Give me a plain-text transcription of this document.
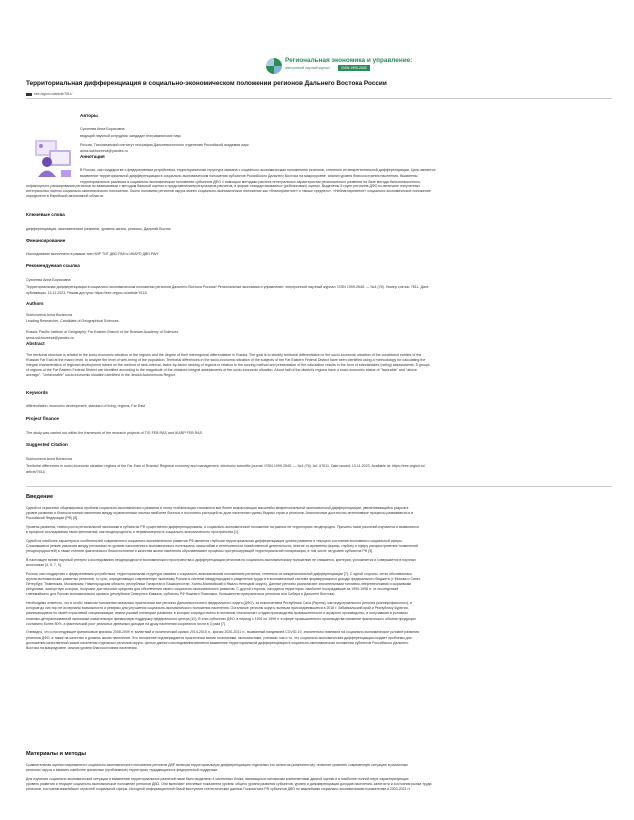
Региональная экономика и управление:
электронный научный журнал	ISSN 1999-2645
Территориальная дифференциация в социально-экономическом положении регионов Дальнего Востока России
eee-region.ru/article/7611/
Авторы
Сухоеева Анна Борисовна
ведущий научный сотрудник, кандидат географических наук
Россия, Тихоокеанский институт географии Дальневосточного отделения Российской академии наук
anna-sukhoveeva@yandex.ru
Аннотация
В России, как государстве с федеративным устройством, территориальная структура связана с социально-экономическим положением регионов, степенью их межрегиональной дифференциации. Цель является
выявление территориальной дифференциации в социально-экономическом положении субъектов Российского Дальнего Востока на макроуровне, анализ уровня благосостояния населения. Выявлены
территориальные различия в социально-экономическом положении субъектов ДФО с помощью методики расчета интегральных характеристик регионального развития на базе метода бальнотаксонного,
пофакторного ранжирования регионов по взаимосвязи с методом бальной оценки и представлением результатов расчетов, в форме стандартизованных (рейтинговых) оценок. Выделены 5 групп регионов ДФО по величине полученных
интегральных оценок социально-экономического положения. Около половины регионов округа имеют социально-экономическое положение как «благоприятное» и «выше среднего». «Неблагоприятное» социально-экономическое положение
определено в Еврейской автономной области.
Ключевые слова
дифференциация, экономическое развитие, уровень жизни, регионы, Дальний Восток
Финансирование
Исследование выполнено в рамках тем НИР ТИГ ДВО РАН и ИКАРП ДВО РАН
Рекомендуемая ссылка
Сухоеева Анна Борисовна
Территориальная дифференциация в социально-экономическом положении регионов Дальнего Востока России// Региональная экономика и управление: электронный научный журнал. ISSN 1999-2645. — №4 (76). Номер статьи: 7611. Дата
публикации: 13.11.2023. Режим доступа: https://eee-region.ru/article/7611/
Authors
Sukhoveeva Anna Borisovna
Leading Researcher, Candidate of Geographical Sciences
Russia, Pacific Institute of Geography, Far Eastern Branch of the Russian Academy of Sciences
anna-sukhoveeva@yandex.ru
Abstract
The territorial structure is related to the socio-economic situation of the regions and the degree of their interregional differentiation in Russia. The goal is to identify territorial differentiation in the socio-economic situation of the constituent entities of the
Russian Far East at the macro level, to analyze the level of well-being of the population. Territorial differences in the socio-economic situation of the subjects of the Far Eastern Federal District have been identified using a methodology for calculating the
integral characteristics of regional development based on the method of rank-interval, factor-by-factor ranking of regions in relation to the scoring method and presentation of the calculation results in the form of standardized (rating) assessments. 5 groups
of regions of the Far Eastern Federal District are identified according to the magnitude of the obtained integral assessments of the socio-economic situation. About half of the district's regions have a socio-economic status of "favorable" and "above
average". "Unfavorable" socio-economic situation identified in the Jewish Autonomous Region.
Keywords
differentiation, economic development, standard of living, regions, Far East
Project finance
The study was carried out within the framework of the research projects of TIG FEB RAS and IKARP FEB RAS
Suggested Citation
Sukhoveeva Anna Borisovna
Territorial differences in socio-economic situation regions of the Far East of Russia// Regional economy and management: electronic scientific journal. ISSN 1999-2645. — №4 (76). Art. #7611. Date issued: 13.11.2023. Available at: https://eee-region.ru/
article/7611/
Введение
Одной из серьезных общемировых проблем социально-экономического развития в эпоху глобализации становится все более возрастающая масштабы межрегиональной экономической дифференциации, увеличивающийся разрыв в
уровне развития и благосостоянии населения между ограниченным числом наиболее богатых и постоянно растущей по доле населения группы бедных стран и регионов. Аналогичные достаточно интенсивные процессы развиваются и в
Российской Федерации (РФ) [8].
Уровень развития, темпы роста региональной экономики в субъектах РФ существенно дифференцированы, а социально-экономическое положение на разных ее территориях неоднородно. Причины таких различий изучаются и выявляются
в процессе исследования таких феноменов, как неоднородность и неравномерность социально-экономического пространства [1].
Одной из наиболее характерных особенностей современного социально-экономического развития РФ является глубокая территориальная дифференциация уровня развития и текущего состояния экономики и социальной сферы.
Сложившиеся резкие различия между регионами по уровню накопленного экономического потенциала, масштабам и интенсивности хозяйственной деятельности, многое со временем формы, глубину и сферу распространения «изменений
(неоднородностей) в также степени фактического благосостояния и качества жизни населения обуславливают процессы прогрессирующей территориальной поляризации, в том числе на уровне субъектов РФ [5].
В настоящее время научный интерес к исследованию неоднородности экономического пространства и дифференциации регионов по социально-экономическому положению не снижается, критерии, усложняется и совершается в научных
источниках [4, 5, 7, 9].
Россия, как государство с федеративным устройством, территориальная структура связана с социально-экономическим положением регионов, степенью их межрегиональной дифференциации [7]. С одной стороны, четко обозначилась
группа экономических развитых регионов, то сути, определяющих современную экономику России в системе международного разделения труда и в экономический системе формирующихся доходы федерального бюджета (г. Москва и Санкт-
Петербург, Тюменская, Московская, Нижегородская области, республики Татарстан и Башкортостан, Ханты-Мансийский и Ямало-Ненецкий округа). Данные регионы располагают значительными топливно-энергетическими и сырьевыми
ресурсами, экспортную которых, получают достаточные средства для обеспечения своего социально-экономического развития. С другой стороны, находится территории, наиболее пострадавшие за 1990-1998 гг. от последствий
тленивайшего для России экономического кризиса (республики Северного Кавказа, субъекты РФ Нижнего Поволжья, большинство приграничных регионов юга Сибири и Дальнего Востока).
Необходимо отметить, что в особо тяжелом положении оказались практически все регионы Дальневосточного федерального округа (ДФО), за исключением Республики Саха (Якутия), как индустриального региона (монопрофильного), в
котором до сих пор не исчерпаны возможности и резервы для улучшения социально-экономического положения населения. Остальные регионы округа, включая присоединившиеся в 2018 г. Забайкальский край и Республику Бурятия,
различающиеся по своей отраслевой специализации, имели разный потенциал развития, в которых сосредоточены в основном «начальное» стадии производства промышленности и аграрное производство, и получавшие в условиях
планово-централизованной экономики значительную финансовую поддержку федерального центра [10]. В этих субъектах ДФО, в период с 1991 по 1999 гг в сфере промышленного производства снижение фактического объема продукции
составило более 50%, а фактический рост реальных денежных доходов на душу населения сократился почти в 3 раза [7].
Очевидно, что и последующие финансовые кризисы 2008-2009 гг. валютный и политический кризис 2014-2015 гг., кризис 2020-2021 гг., вызванный пандемией COVID-19, значительно повлияли на социально-экономическое условие развития
регионов ДФО, а также на качество и уровень жизни населения. Это положение подтверждается практически всеми политиками, экономистами, учеными, как и то, что социально-экономическая дифференциация создает проблемы для
достижения качественной жизни населения отдельных регионов округа. Целью данного исследования является выявление территориальной дифференциации в социально-экономическом положении субъектов Российского Дальнего
Востока на макроуровне, анализ уровня благосостояния населения.
Материалы и методы
Сравнительная оценка современного социально-экономического положения регионов ДВР включая территориальную дифференциацию отдельных его аспектов (компонентов), позволит сравнить современную ситуацию в различных
регионах округа и выявить наиболее кризисные (проблемные) территории, нуждающиеся в федеральной поддержке.
Для изучения социально-экономической ситуации и выявления территориальных различий нами было выделено 4 системных блока, являющихся основными компонентами данной оценки и в наиболее полной мере характеризующих
уровень развития и текущее социально-экономическое положение регионов ДВО. Они включают ключевые показатели уровня: общего уровня развития субъектов, уровня и дифференциации доходов населения, занятости и состояния рынка труда
регионов, состояния важнейших отраслей социальной сферы. Исходной информационной базой выступили статистические данные Госкомстата РФ субъектов ДВО по важнейшим социально-экономическим показателям в 2003-2021 гг.
